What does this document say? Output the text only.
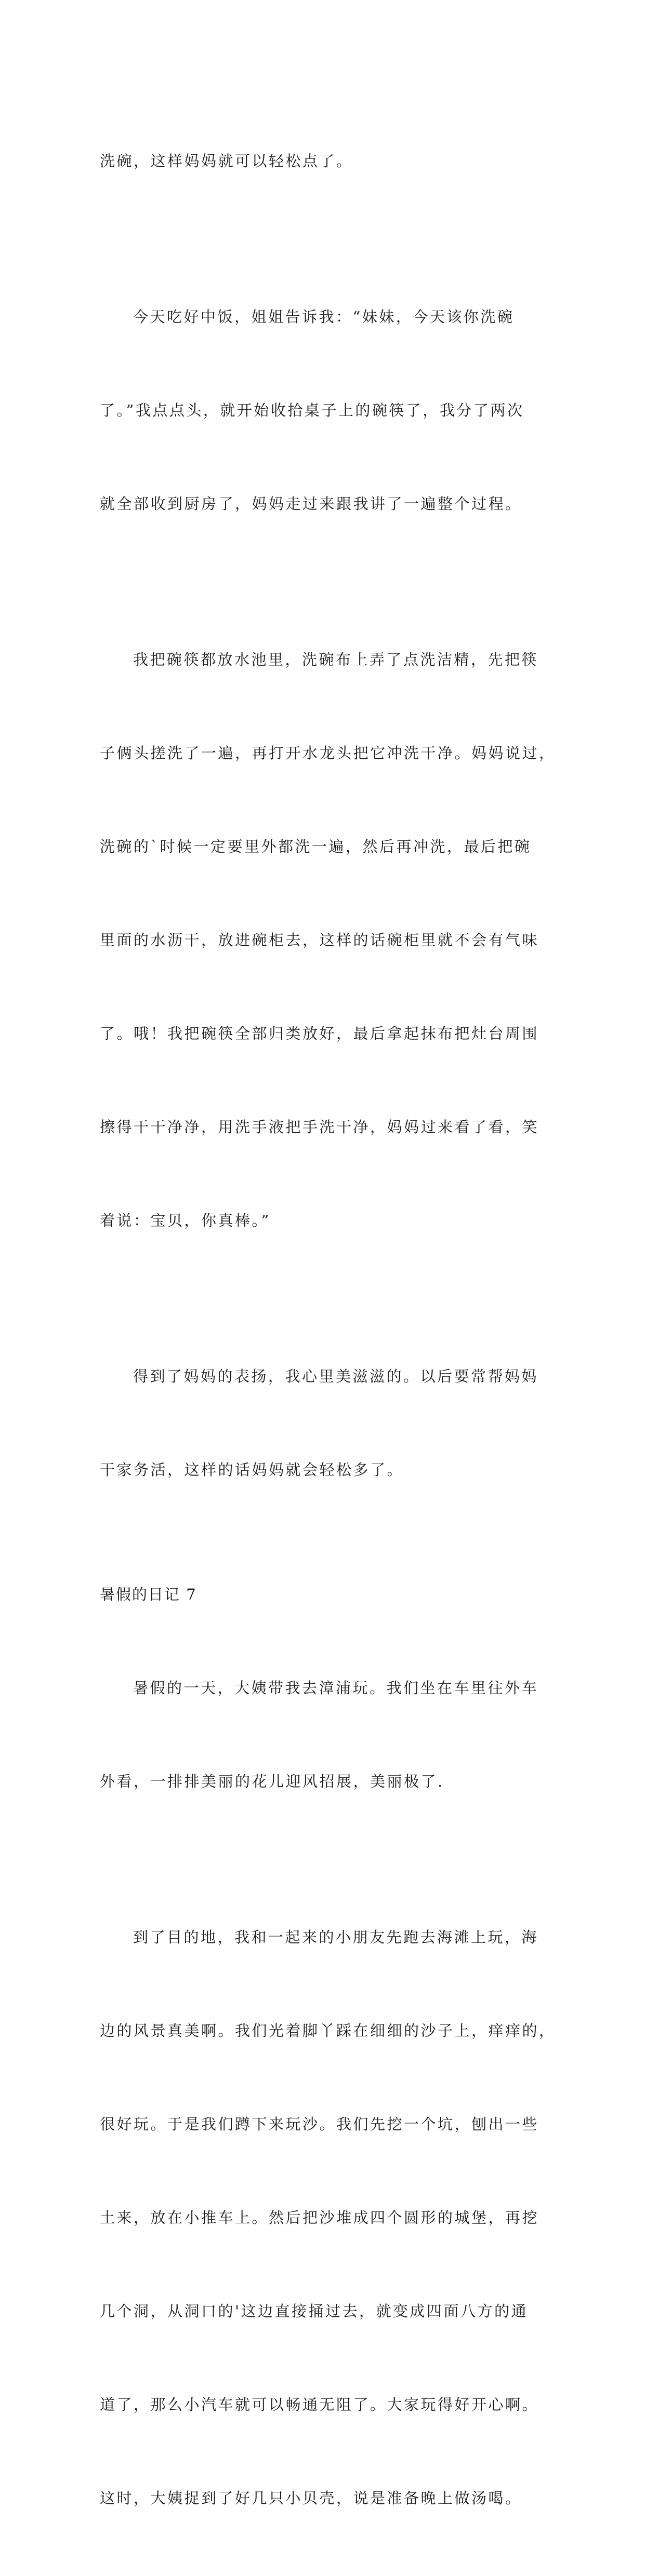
洗碗，这样妈妈就可以轻松点了。

今天吃好中饭，姐姐告诉我：“妹妹，今天该你洗碗

了。”我点点头，就开始收拾桌子上的碗筷了，我分了两次

就全部收到厨房了，妈妈走过来跟我讲了一遍整个过程。

我把碗筷都放水池里，洗碗布上弄了点洗洁精，先把筷

子俩头搓洗了一遍，再打开水龙头把它冲洗干净。妈妈说过，

洗碗的`时候一定要里外都洗一遍，然后再冲洗，最后把碗

里面的水沥干，放进碗柜去，这样的话碗柜里就不会有气味

了。哦！我把碗筷全部归类放好，最后拿起抹布把灶台周围

擦得干干净净，用洗手液把手洗干净，妈妈过来看了看，笑

着说：宝贝，你真棒。”

得到了妈妈的表扬，我心里美滋滋的。以后要常帮妈妈

干家务活，这样的话妈妈就会轻松多了。

暑假的日记 7

暑假的一天，大姨带我去漳浦玩。我们坐在车里往外车

外看，一排排美丽的花儿迎风招展，美丽极了.

到了目的地，我和一起来的小朋友先跑去海滩上玩，海

边的风景真美啊。我们光着脚丫踩在细细的沙子上，痒痒的，

很好玩。于是我们蹲下来玩沙。我们先挖一个坑，刨出一些

土来，放在小推车上。然后把沙堆成四个圆形的城堡，再挖

几个洞，从洞口的'这边直接捅过去，就变成四面八方的通

道了，那么小汽车就可以畅通无阻了。大家玩得好开心啊。

这时，大姨捉到了好几只小贝壳，说是准备晚上做汤喝。
